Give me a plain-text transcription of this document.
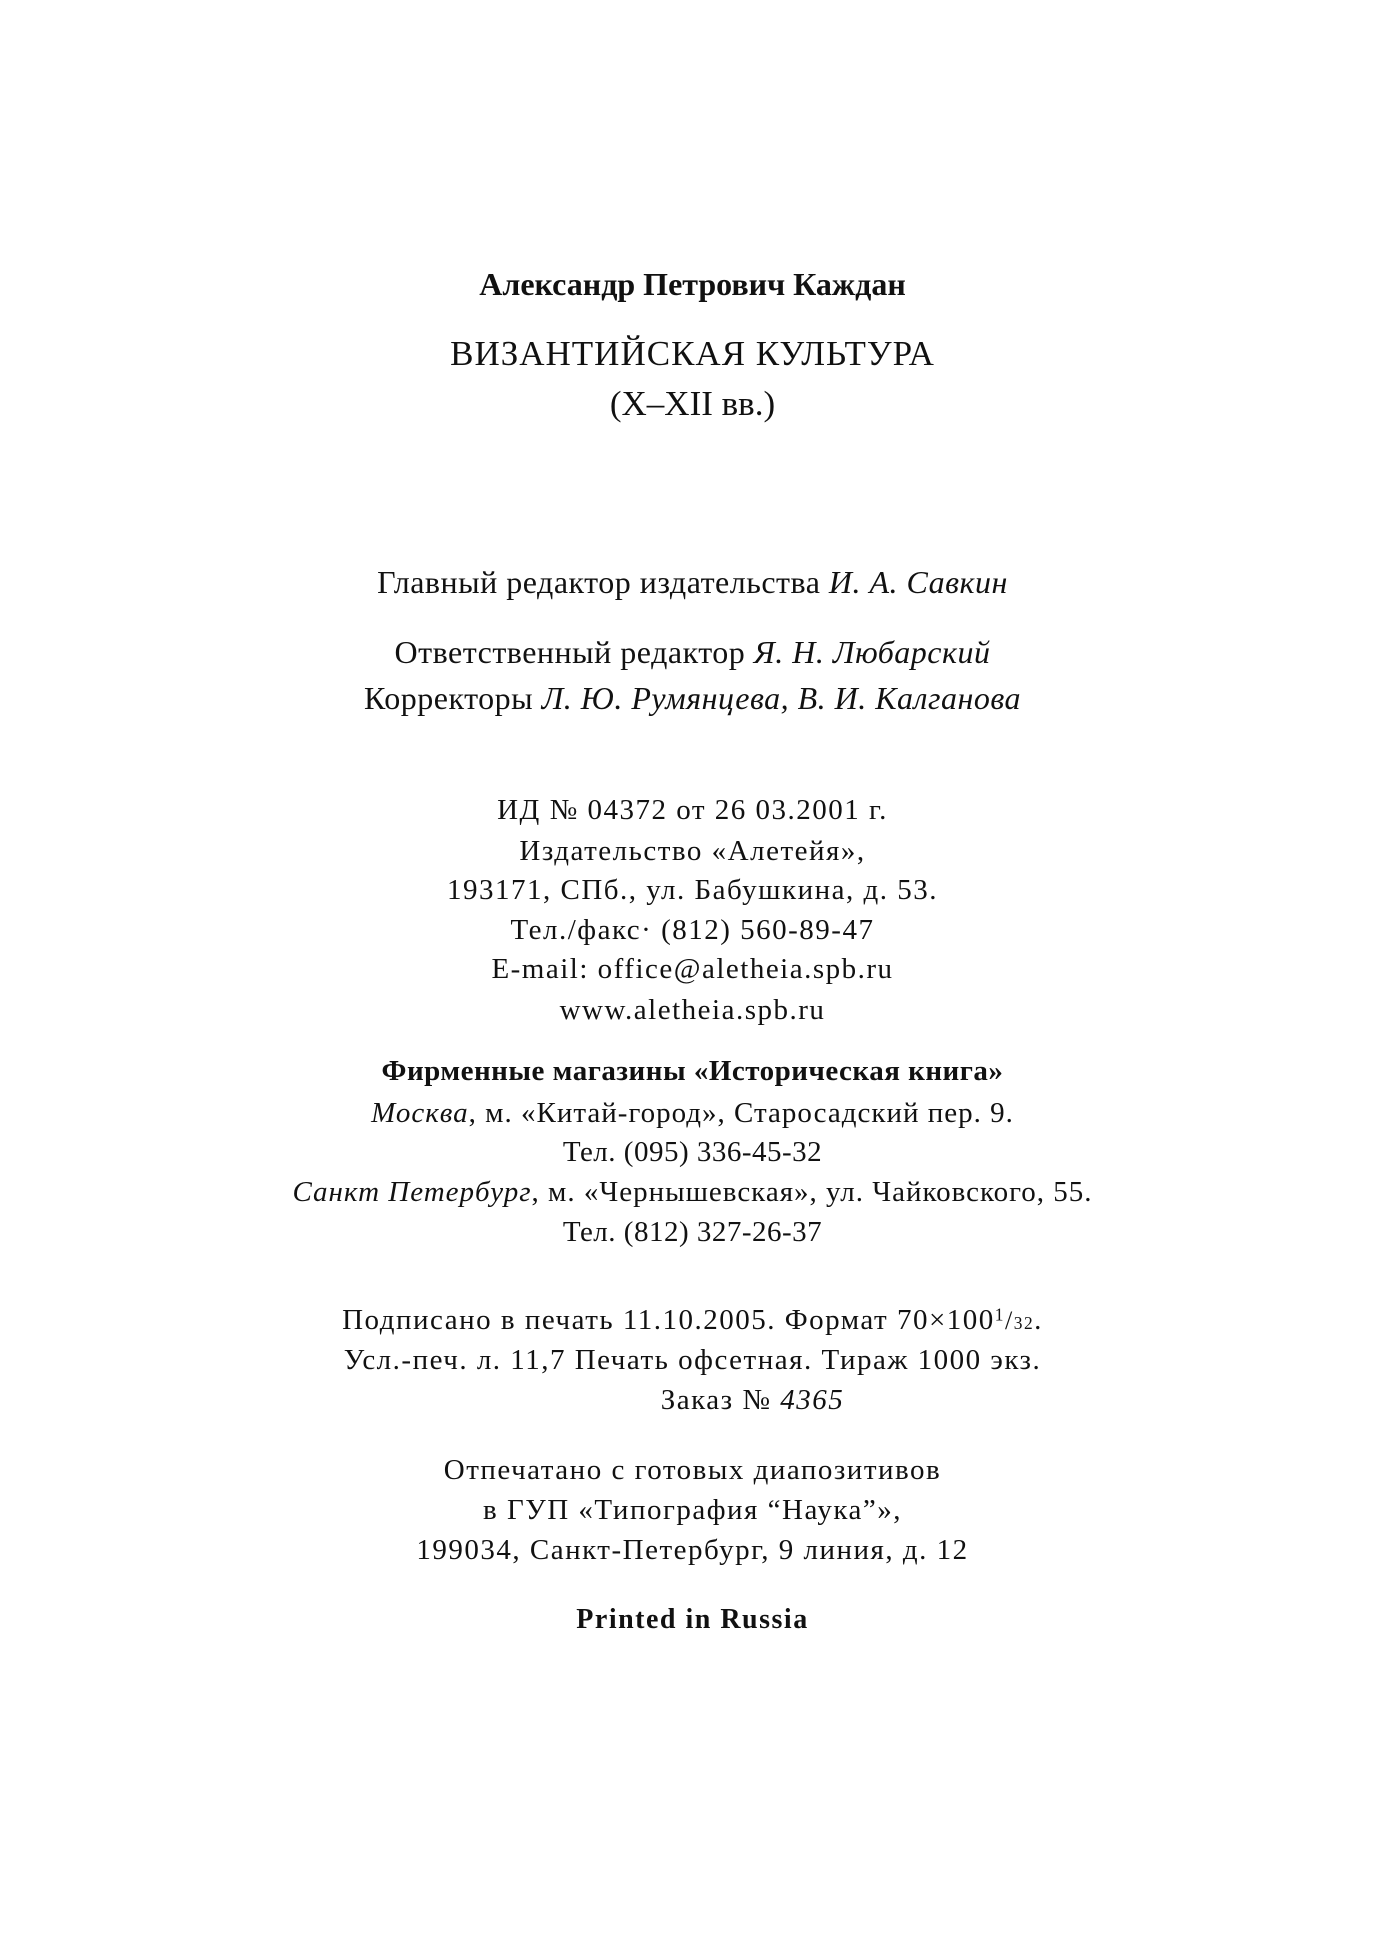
Александр Петрович Каждан
ВИЗАНТИЙСКАЯ КУЛЬТУРА
(X–XII вв.)
Главный редактор издательства И. А. Савкин
Ответственный редактор Я. Н. Любарский
Корректоры Л. Ю. Румянцева, В. И. Калганова
ИД № 04372 от 26 03.2001 г.
Издательство «Алетейя»,
193171, СПб., ул. Бабушкина, д. 53.
Тел./факс· (812) 560-89-47
E-mail: office@aletheia.spb.ru
www.aletheia.spb.ru
Фирменные магазины «Историческая книга»
Москва, м. «Китай-город», Старосадский пер. 9.
Тел. (095) 336-45-32
Санкт Петербург, м. «Чернышевская», ул. Чайковского, 55.
Тел. (812) 327-26-37
Подписано в печать 11.10.2005. Формат $70\times 100^1/32$.
Усл.-печ. л. 11,7 Печать офсетная. Тираж 1000 экз.
Заказ № 4365
Отпечатано с готовых диапозитивов
в ГУП «Типография “Наука”»,
199034, Санкт-Петербург, 9 линия, д. 12
Printed in Russia
